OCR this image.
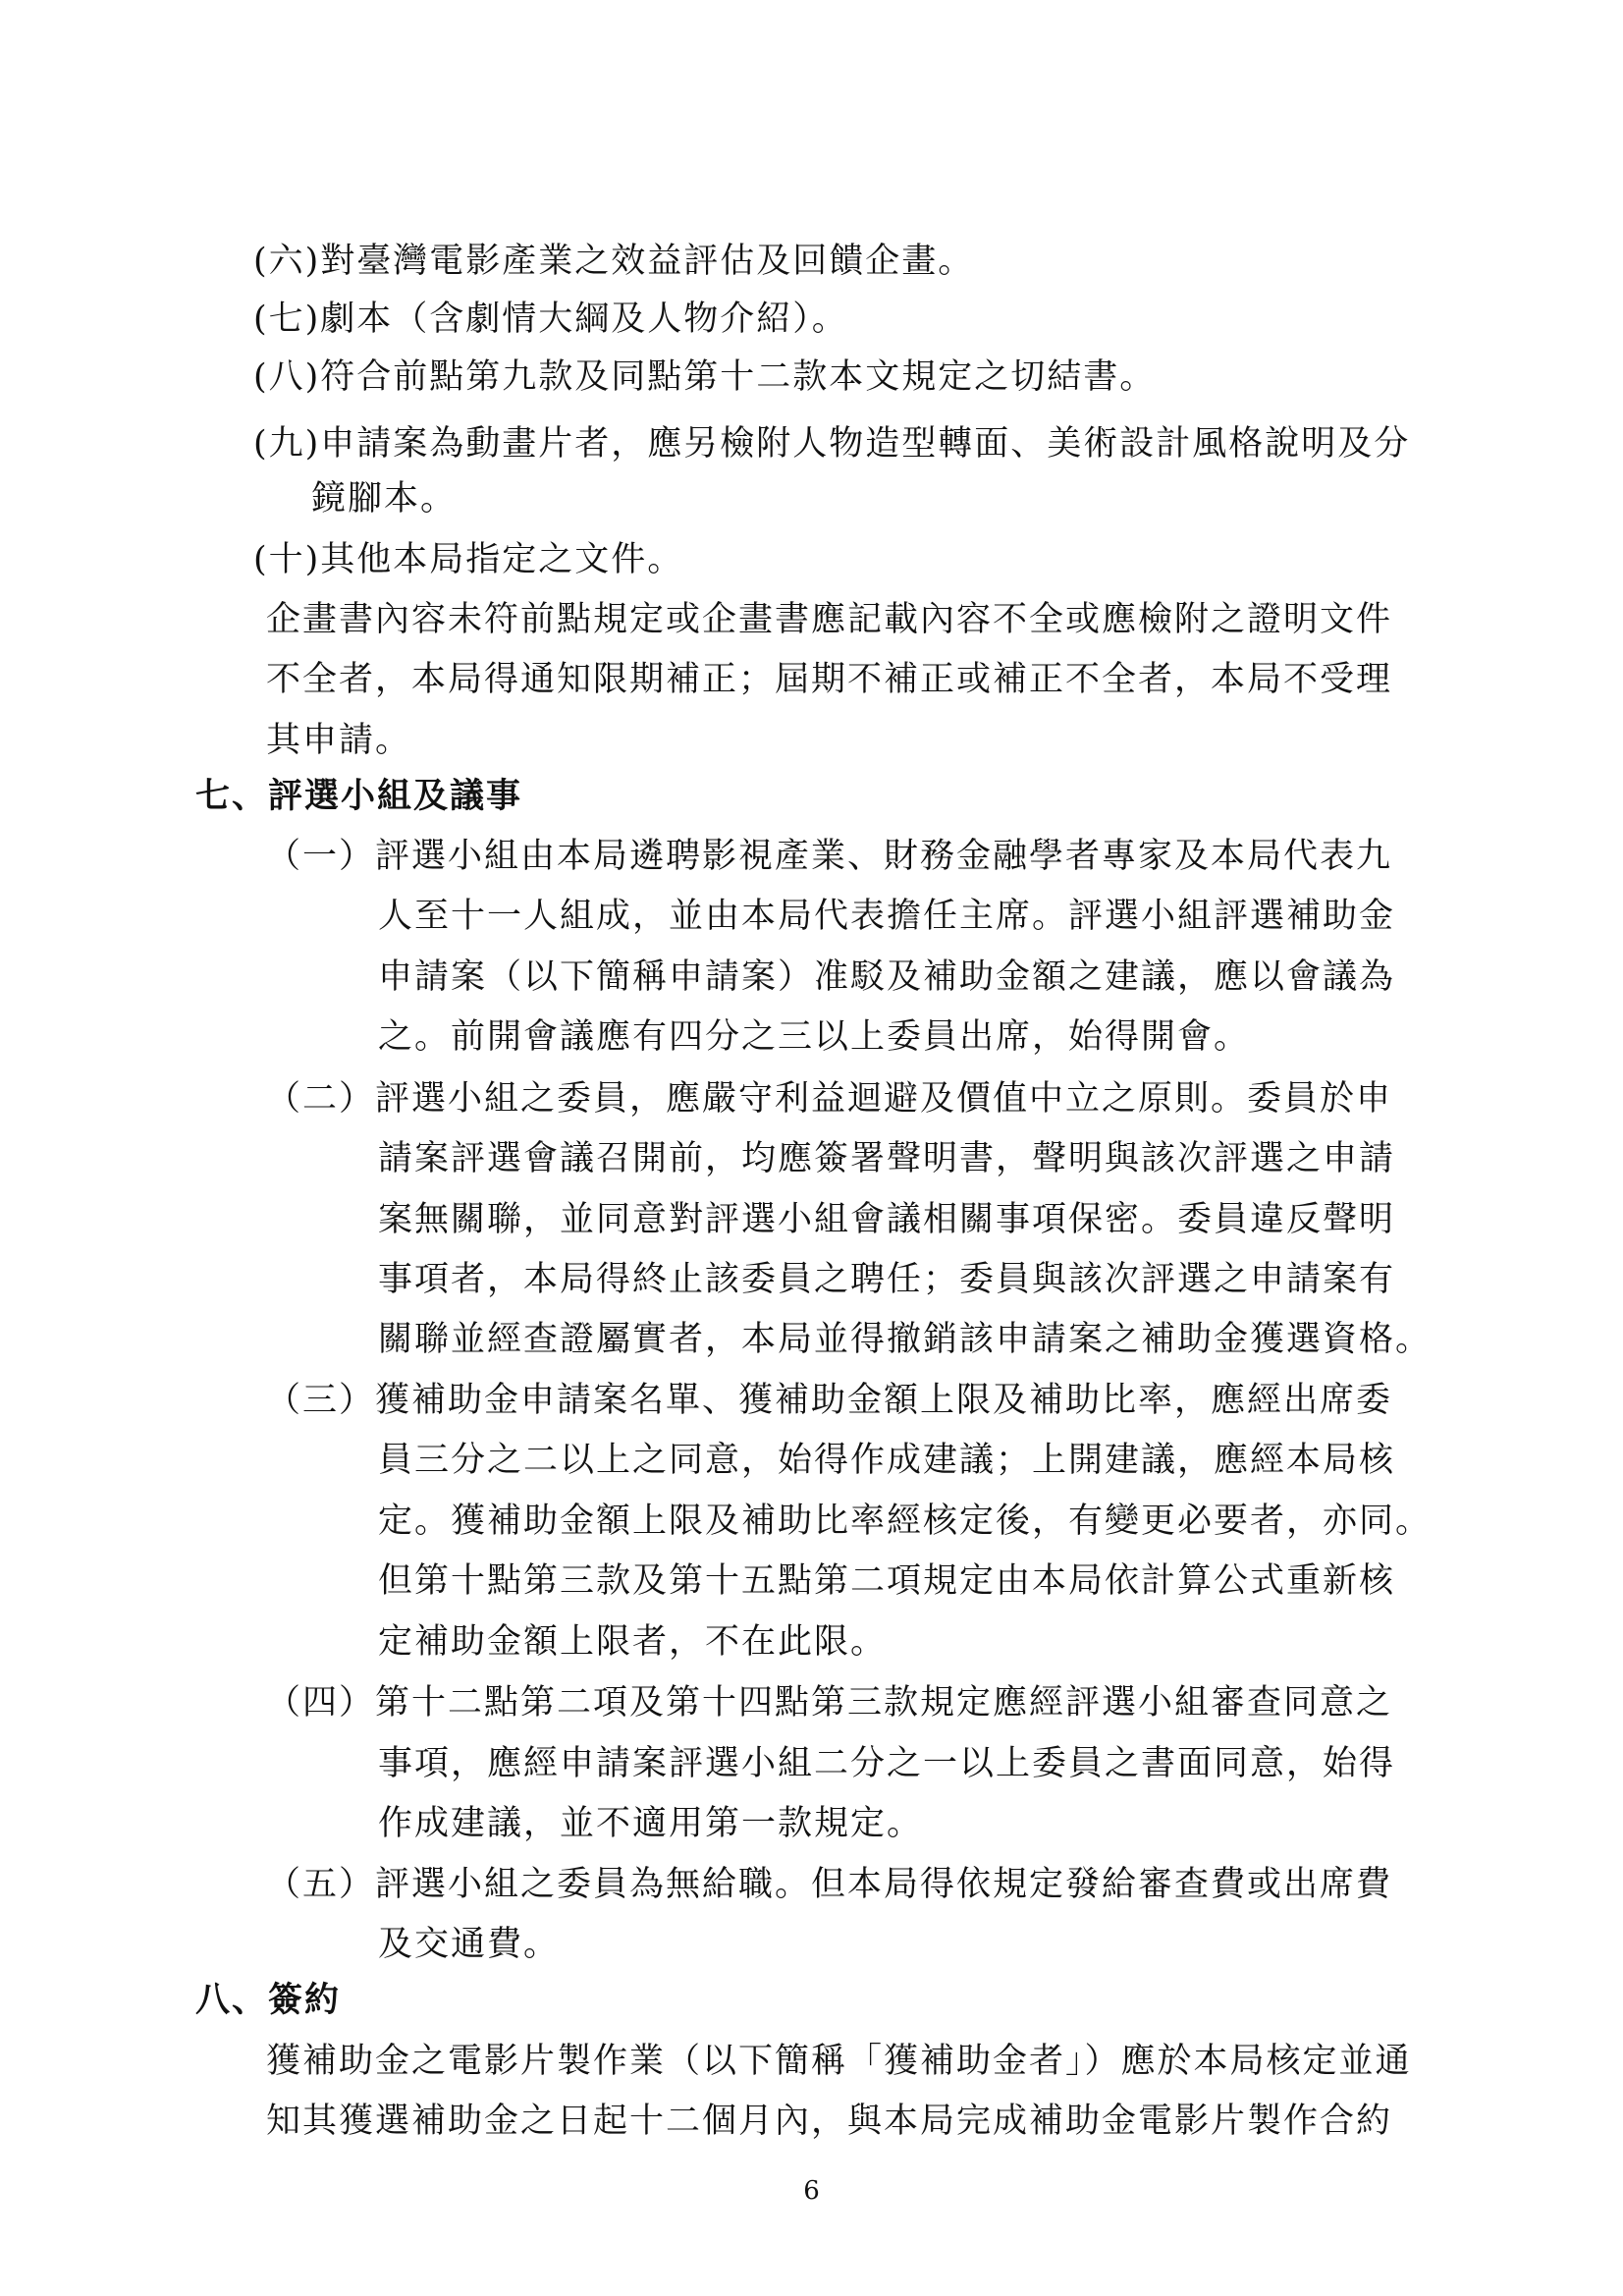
(六)對臺灣電影產業之效益評估及回饋企畫。
(七)劇本（含劇情大綱及人物介紹）。
(八)符合前點第九款及同點第十二款本文規定之切結書。
(九)申請案為動畫片者，應另檢附人物造型轉面、美術設計風格說明及分
鏡腳本。
(十)其他本局指定之文件。
企畫書內容未符前點規定或企畫書應記載內容不全或應檢附之證明文件
不全者，本局得通知限期補正；屆期不補正或補正不全者，本局不受理
其申請。
七、評選小組及議事
（一）評選小組由本局遴聘影視產業、財務金融學者專家及本局代表九
人至十一人組成，並由本局代表擔任主席。評選小組評選補助金
申請案（以下簡稱申請案）准駁及補助金額之建議，應以會議為
之。前開會議應有四分之三以上委員出席，始得開會。
（二）評選小組之委員，應嚴守利益迴避及價值中立之原則。委員於申
請案評選會議召開前，均應簽署聲明書，聲明與該次評選之申請
案無關聯，並同意對評選小組會議相關事項保密。委員違反聲明
事項者，本局得終止該委員之聘任；委員與該次評選之申請案有
關聯並經查證屬實者，本局並得撤銷該申請案之補助金獲選資格。
（三）獲補助金申請案名單、獲補助金額上限及補助比率，應經出席委
員三分之二以上之同意，始得作成建議；上開建議，應經本局核
定。獲補助金額上限及補助比率經核定後，有變更必要者，亦同。
但第十點第三款及第十五點第二項規定由本局依計算公式重新核
定補助金額上限者，不在此限。
（四）第十二點第二項及第十四點第三款規定應經評選小組審查同意之
事項，應經申請案評選小組二分之一以上委員之書面同意，始得
作成建議，並不適用第一款規定。
（五）評選小組之委員為無給職。但本局得依規定發給審查費或出席費
及交通費。
八、簽約
獲補助金之電影片製作業（以下簡稱「獲補助金者」）應於本局核定並通
知其獲選補助金之日起十二個月內，與本局完成補助金電影片製作合約
6
